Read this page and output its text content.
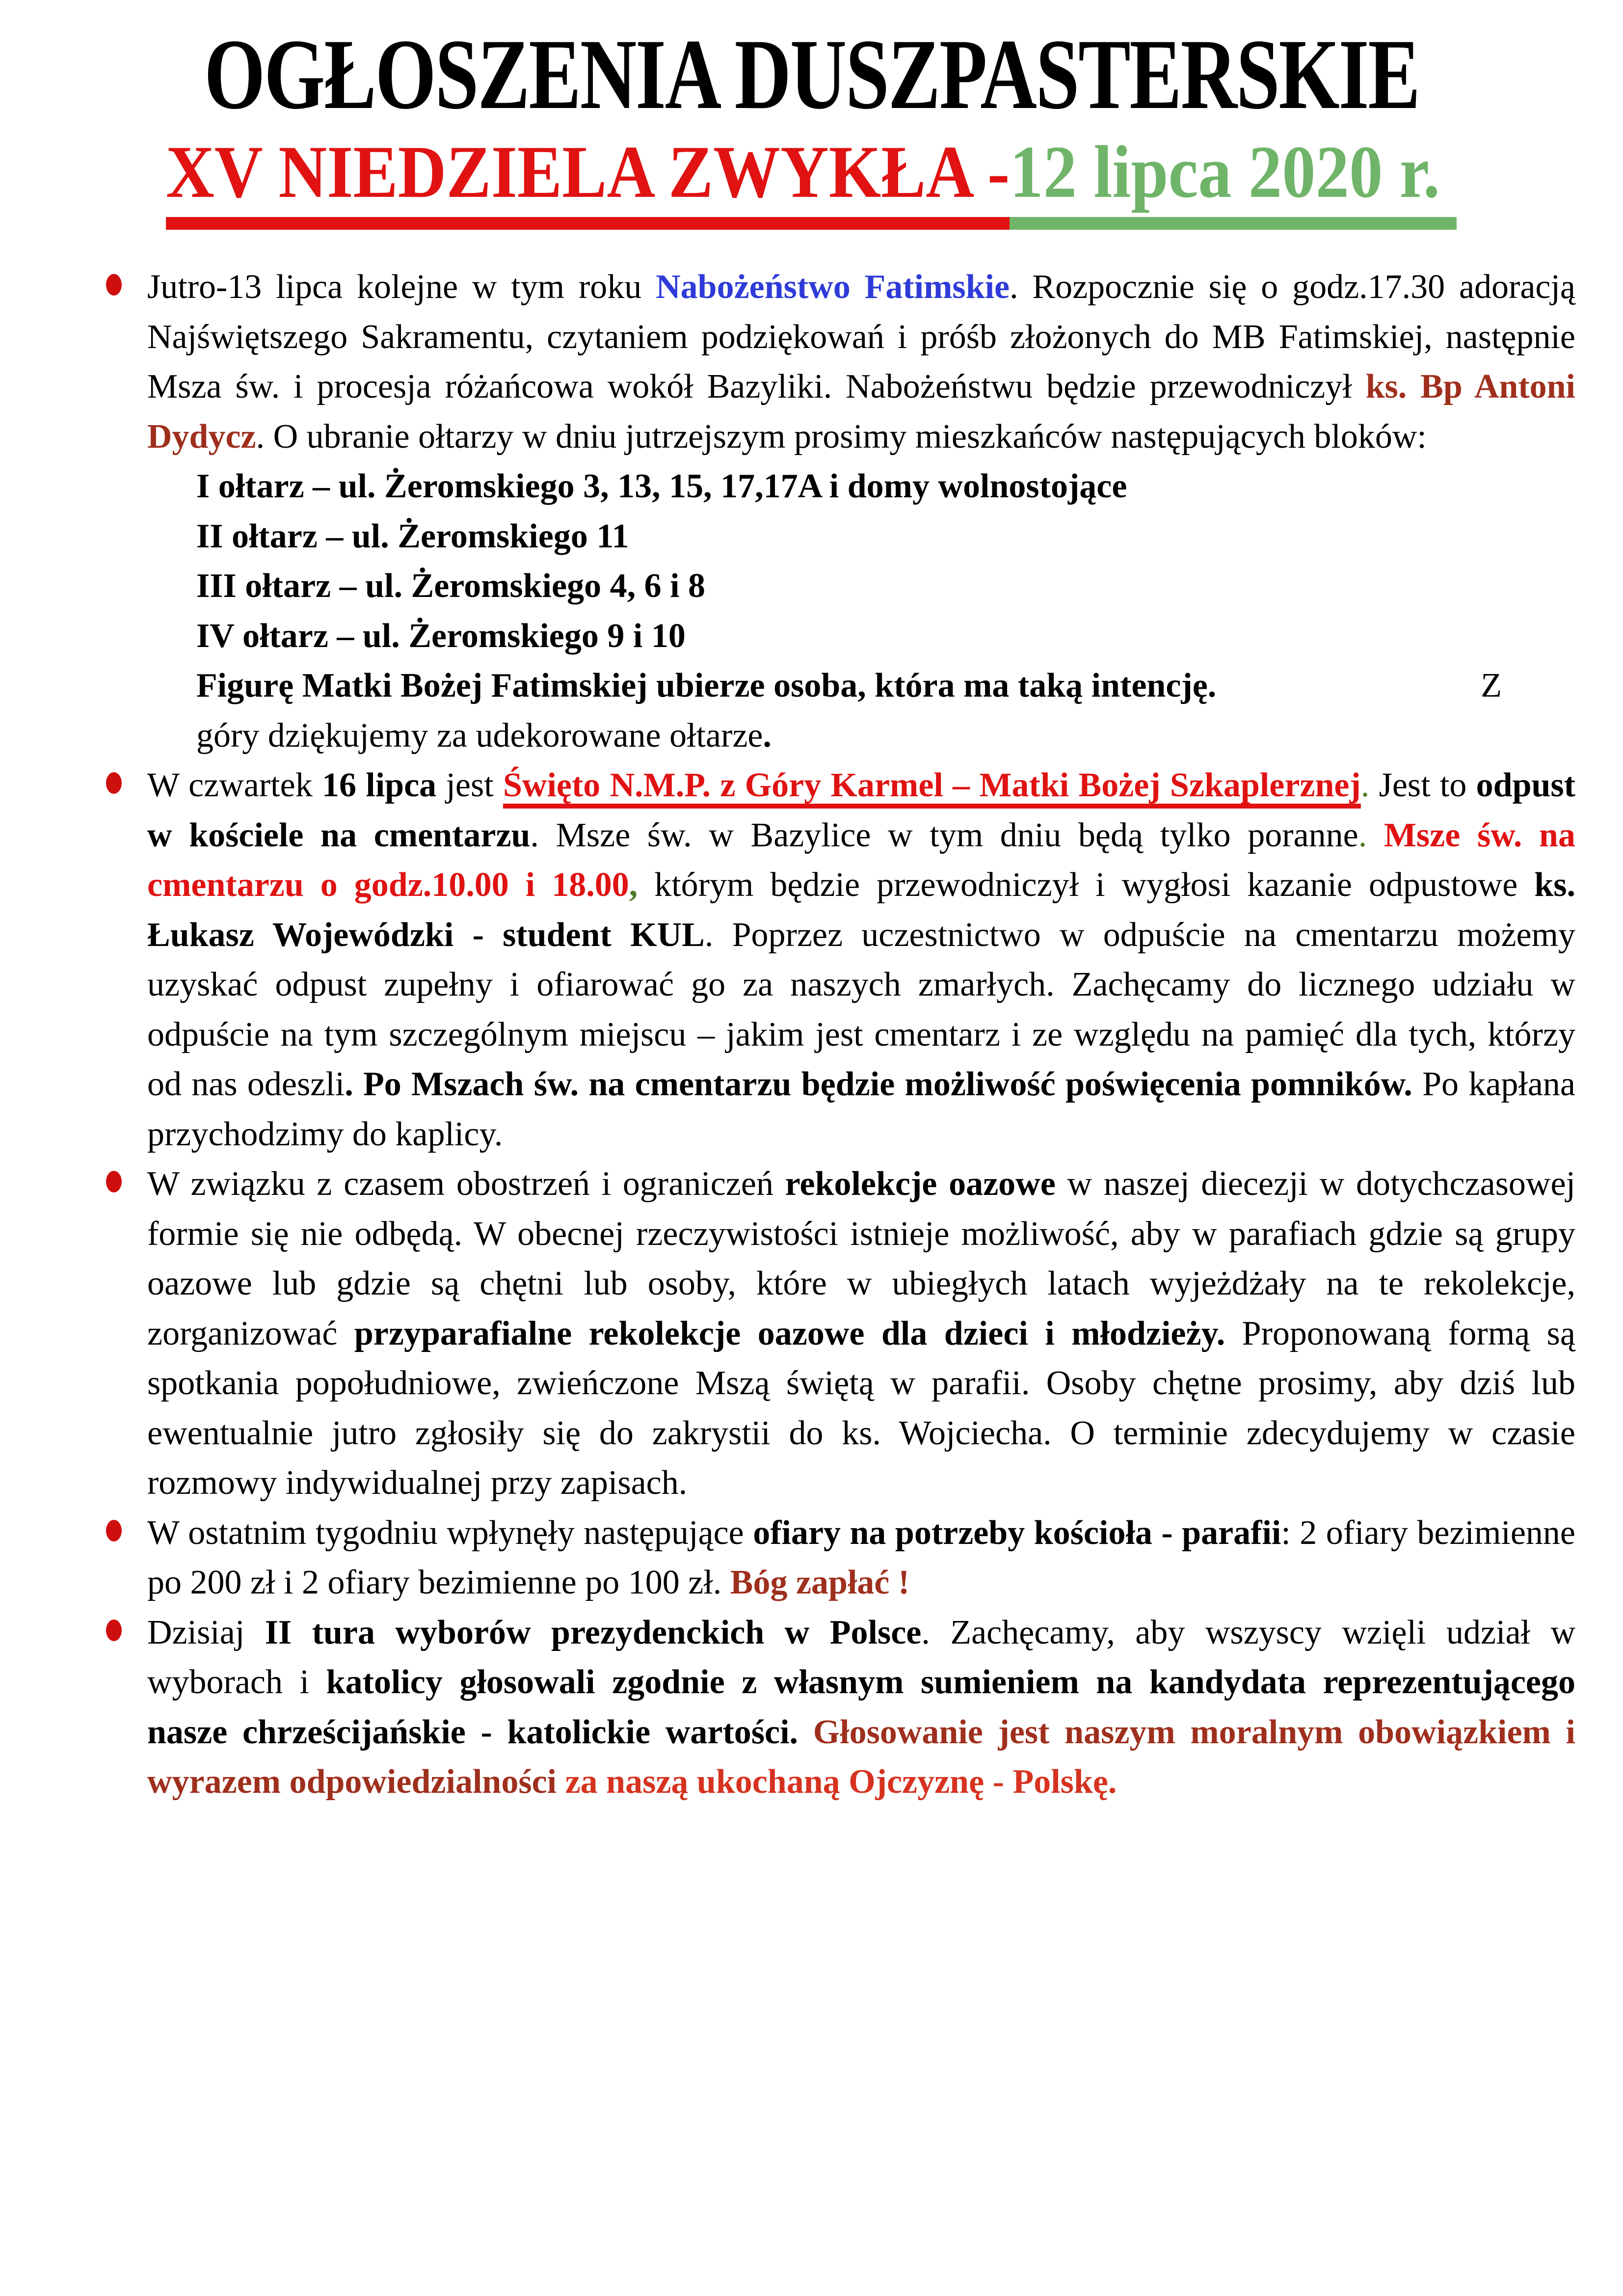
OGŁOSZENIA DUSZPASTERSKIE
XV NIEDZIELA ZWYKŁA -12 lipca 2020 r.
Jutro-13 lipca kolejne w tym roku Nabożeństwo Fatimskie. Rozpocznie się o godz.17.30 adoracją Najświętszego Sakramentu, czytaniem podziękowań i próśb złożonych do MB Fatimskiej, następnie Msza św. i procesja różańcowa wokół Bazyliki. Nabożeństwu będzie przewodniczył ks. Bp Antoni Dydycz. O ubranie ołtarzy w dniu jutrzejszym prosimy mieszkańców następujących bloków:
I ołtarz – ul. Żeromskiego 3, 13, 15, 17,17A i domy wolnostojące
II ołtarz – ul. Żeromskiego 11
III ołtarz – ul. Żeromskiego 4, 6 i 8
IV ołtarz – ul. Żeromskiego 9 i 10
Figurę Matki Bożej Fatimskiej ubierze osoba, która ma taką intencję.	Z
góry dziękujemy za udekorowane ołtarze.
W czwartek 16 lipca jest Święto N.M.P. z Góry Karmel – Matki Bożej Szkaplerznej. Jest to odpust w kościele na cmentarzu. Msze św. w Bazylice w tym dniu będą tylko poranne. Msze św. na cmentarzu o godz.10.00 i 18.00, którym będzie przewodniczył i wygłosi kazanie odpustowe ks. Łukasz Wojewódzki - student KUL. Poprzez uczestnictwo w odpuście na cmentarzu możemy uzyskać odpust zupełny i ofiarować go za naszych zmarłych. Zachęcamy do licznego udziału w odpuście na tym szczególnym miejscu – jakim jest cmentarz i ze względu na pamięć dla tych, którzy od nas odeszli. Po Mszach św. na cmentarzu będzie możliwość poświęcenia pomników. Po kapłana przychodzimy do kaplicy.
W związku z czasem obostrzeń i ograniczeń rekolekcje oazowe w naszej diecezji w dotychczasowej formie się nie odbędą. W obecnej rzeczywistości istnieje możliwość, aby w parafiach gdzie są grupy oazowe lub gdzie są chętni lub osoby, które w ubiegłych latach wyjeżdżały na te rekolekcje, zorganizować przyparafialne rekolekcje oazowe dla dzieci i młodzieży. Proponowaną formą są spotkania popołudniowe, zwieńczone Mszą świętą w parafii. Osoby chętne prosimy, aby dziś lub ewentualnie jutro zgłosiły się do zakrystii do ks. Wojciecha. O terminie zdecydujemy w czasie rozmowy indywidualnej przy zapisach.
W ostatnim tygodniu wpłynęły następujące ofiary na potrzeby kościoła - parafii: 2 ofiary bezimienne po 200 zł i 2 ofiary bezimienne po 100 zł. Bóg zapłać !
Dzisiaj II tura wyborów prezydenckich w Polsce. Zachęcamy, aby wszyscy wzięli udział w wyborach i katolicy głosowali zgodnie z własnym sumieniem na kandydata reprezentującego nasze chrześcijańskie - katolickie wartości. Głosowanie jest naszym moralnym obowiązkiem i wyrazem odpowiedzialności za naszą ukochaną Ojczyznę - Polskę.
